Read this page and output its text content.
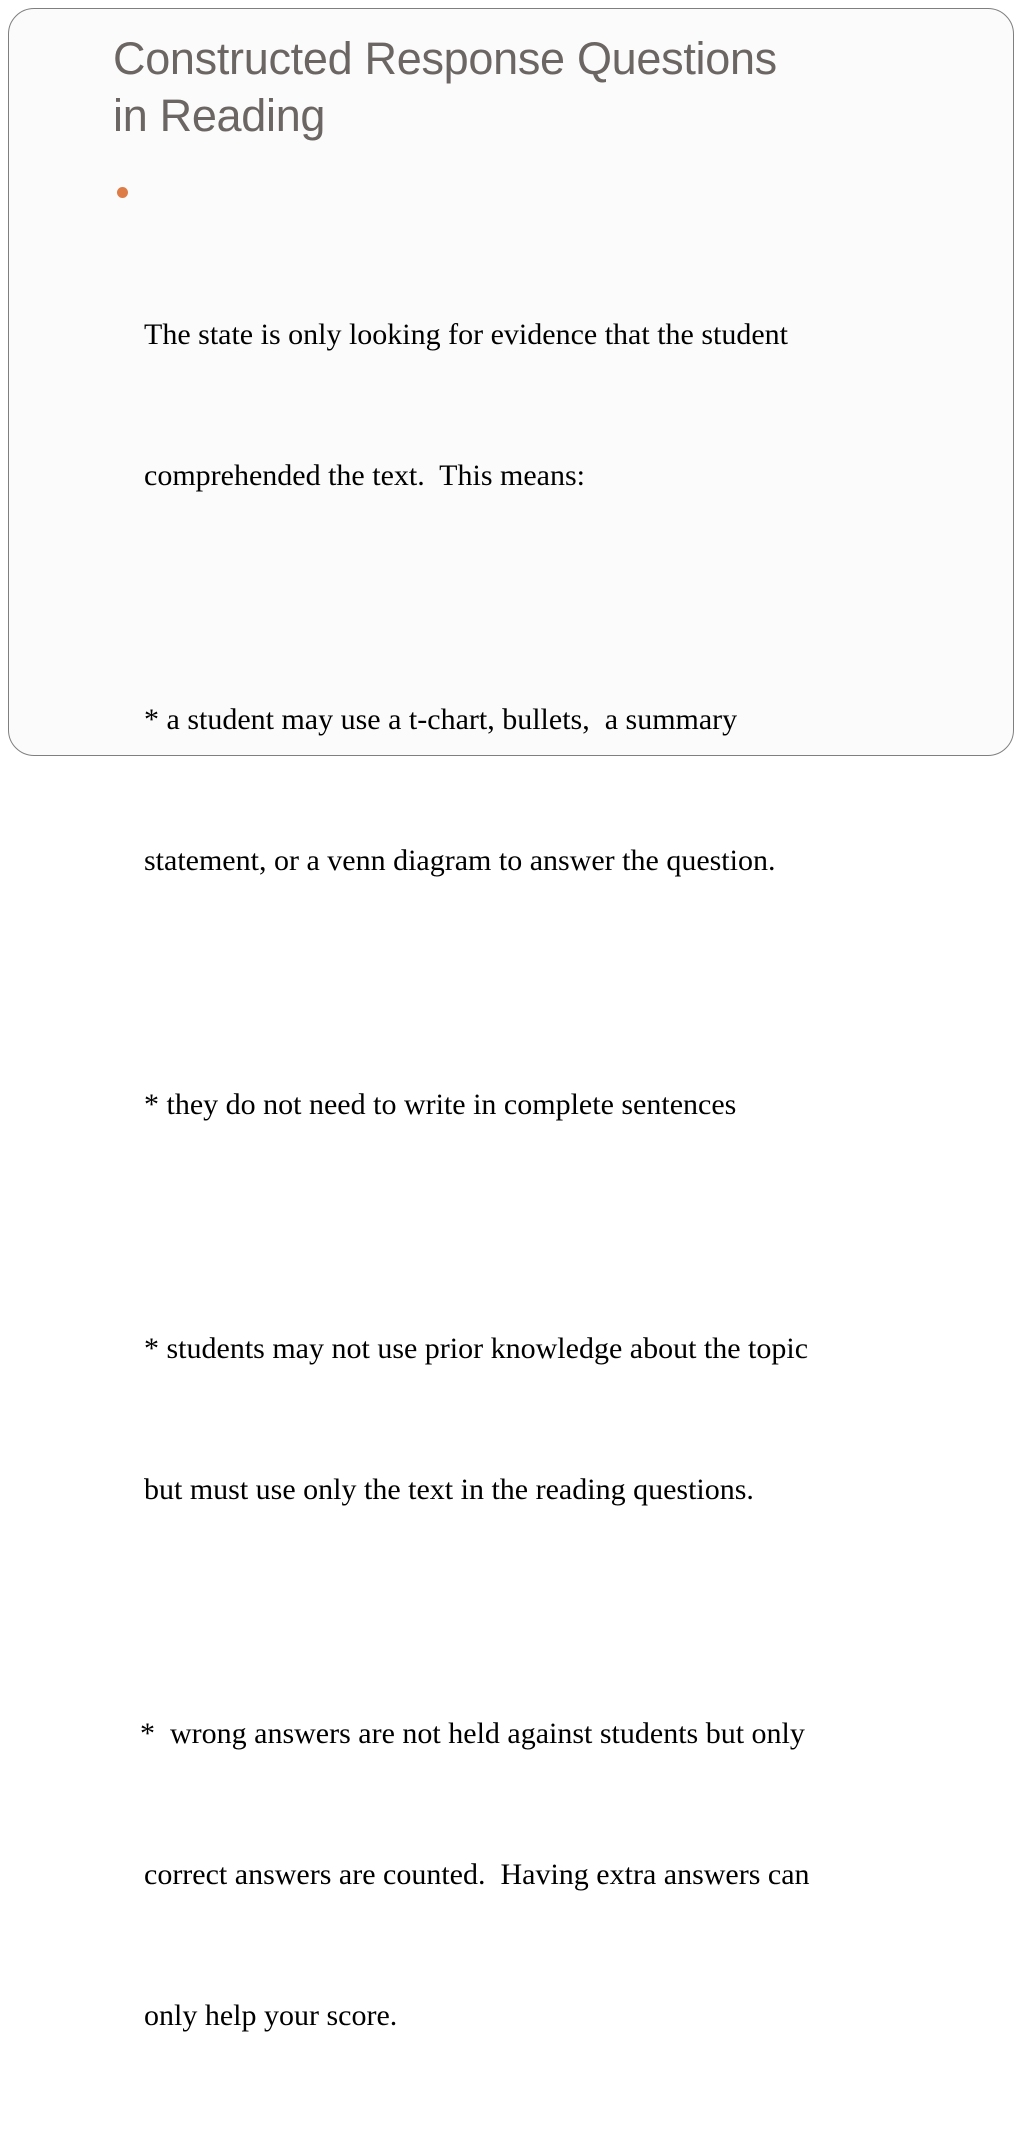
Constructed Response Questions
in Reading

The state is only looking for evidence that the student

comprehended the text.  This means:

* a student may use a t-chart, bullets,  a summary

statement, or a venn diagram to answer the question.

* they do not need to write in complete sentences

* students may not use prior knowledge about the topic

but must use only the text in the reading questions.

*  wrong answers are not held against students but only

correct answers are counted.  Having extra answers can

only help your score.
